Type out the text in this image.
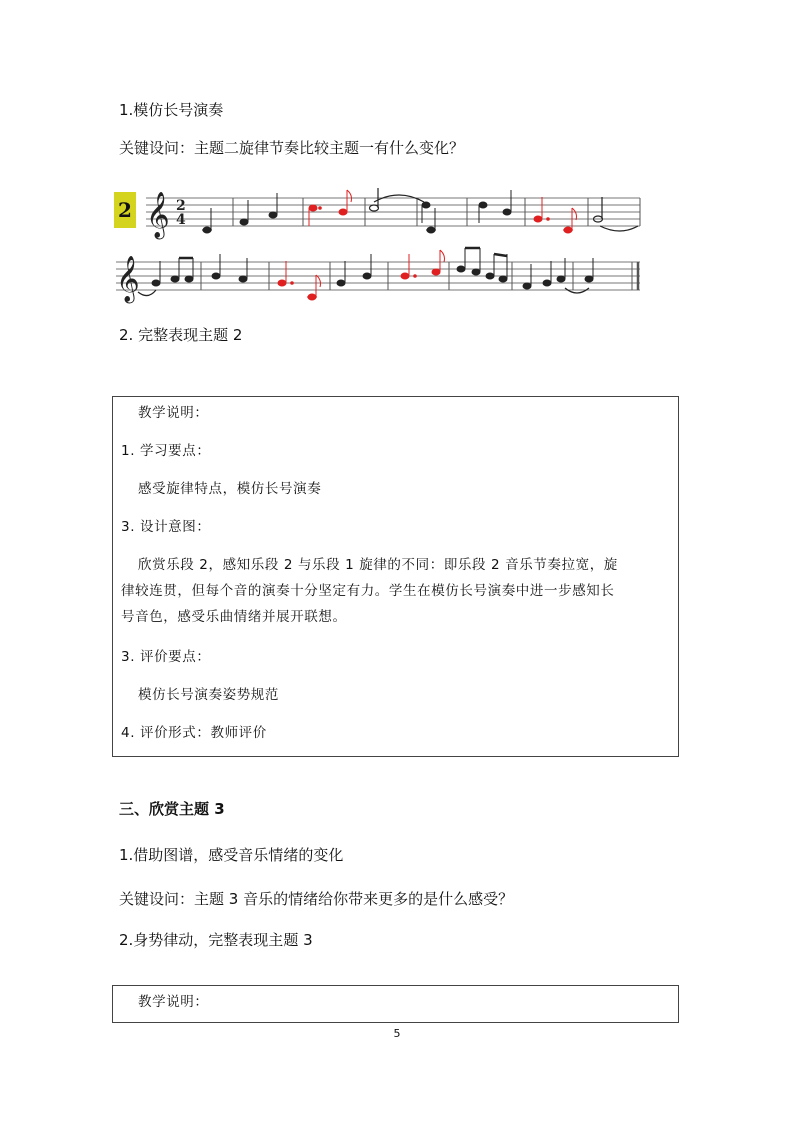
1.模仿长号演奏
关键设问：主题二旋律节奏比较主题一有什么变化？
2 𝄞 2
4
𝄞
2. 完整表现主题 2
教学说明：
1. 学习要点：
感受旋律特点，模仿长号演奏
3. 设计意图：
欣赏乐段 2，感知乐段 2 与乐段 1 旋律的不同：即乐段 2 音乐节奏拉宽，旋
律较连贯，但每个音的演奏十分坚定有力。学生在模仿长号演奏中进一步感知长
号音色，感受乐曲情绪并展开联想。
3. 评价要点：
模仿长号演奏姿势规范
4. 评价形式：教师评价
三、欣赏主题 3
1.借助图谱，感受音乐情绪的变化
关键设问：主题 3 音乐的情绪给你带来更多的是什么感受？
2.身势律动，完整表现主题 3
教学说明：
5
